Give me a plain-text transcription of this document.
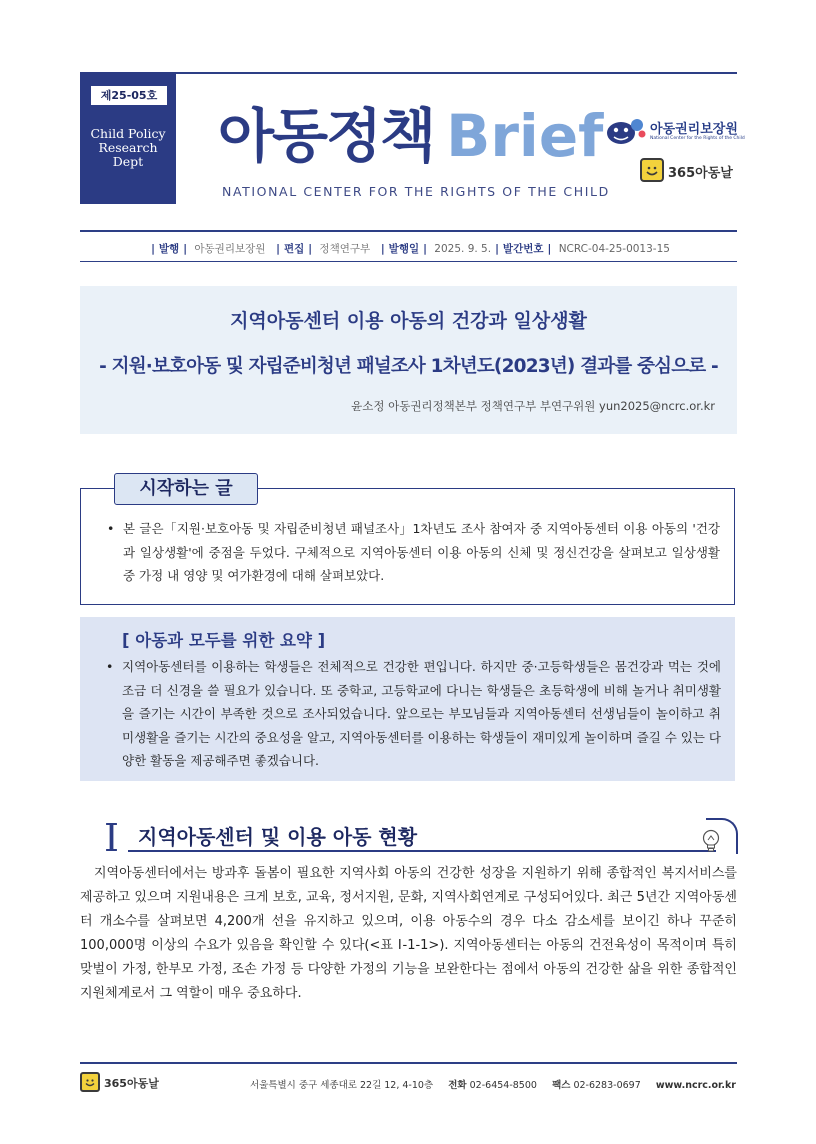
제25-05호
Child Policy
Research
Dept	아동정책 Brief
NATIONAL CENTER FOR THE RIGHTS OF THE CHILD
아동권리보장원
National Center for the Rights of the Child
365아동날
| 발행 | 아동권리보장원 | 편집 | 정책연구부 | 발행일 | 2025. 9. 5. | 발간번호 | NCRC-04-25-0013-15
지역아동센터 이용 아동의 건강과 일상생활
- 지원·보호아동 및 자립준비청년 패널조사 1차년도(2023년) 결과를 중심으로 -
윤소정 아동권리정책본부 정책연구부 부연구위원 yun2025@ncrc.or.kr
• 본 글은「지원·보호아동 및 자립준비청년 패널조사」1차년도 조사 참여자 중 지역아동센터 이용 아동의 '건강과 일상생활'에 중점을 두었다. 구체적으로 지역아동센터 이용 아동의 신체 및 정신건강을 살펴보고 일상생활 중 가정 내 영양 및 여가환경에 대해 살펴보았다.
시작하는 글
[ 아동과 모두를 위한 요약 ]
• 지역아동센터를 이용하는 학생들은 전체적으로 건강한 편입니다. 하지만 중·고등학생들은 몸건강과 먹는 것에 조금 더 신경을 쓸 필요가 있습니다. 또 중학교, 고등학교에 다니는 학생들은 초등학생에 비해 놀거나 취미생활을 즐기는 시간이 부족한 것으로 조사되었습니다. 앞으로는 부모님들과 지역아동센터 선생님들이 놀이하고 취미생활을 즐기는 시간의 중요성을 알고, 지역아동센터를 이용하는 학생들이 재미있게 놀이하며 즐길 수 있는 다양한 활동을 제공해주면 좋겠습니다.
I 지역아동센터 및 이용 아동 현황
지역아동센터에서는 방과후 돌봄이 필요한 지역사회 아동의 건강한 성장을 지원하기 위해 종합적인 복지서비스를 제공하고 있으며 지원내용은 크게 보호, 교육, 정서지원, 문화, 지역사회연계로 구성되어있다. 최근 5년간 지역아동센터 개소수를 살펴보면 4,200개 선을 유지하고 있으며, 이용 아동수의 경우 다소 감소세를 보이긴 하나 꾸준히 100,000명 이상의 수요가 있음을 확인할 수 있다(<표 Ⅰ-1-1>). 지역아동센터는 아동의 건전육성이 목적이며 특히 맞벌이 가정, 한부모 가정, 조손 가정 등 다양한 가정의 기능을 보완한다는 점에서 아동의 건강한 삶을 위한 종합적인 지원체계로서 그 역할이 매우 중요하다.
365아동날	서울특별시 중구 세종대로 22길 12, 4-10층 전화 02-6454-8500 팩스 02-6283-0697 www.ncrc.or.kr
